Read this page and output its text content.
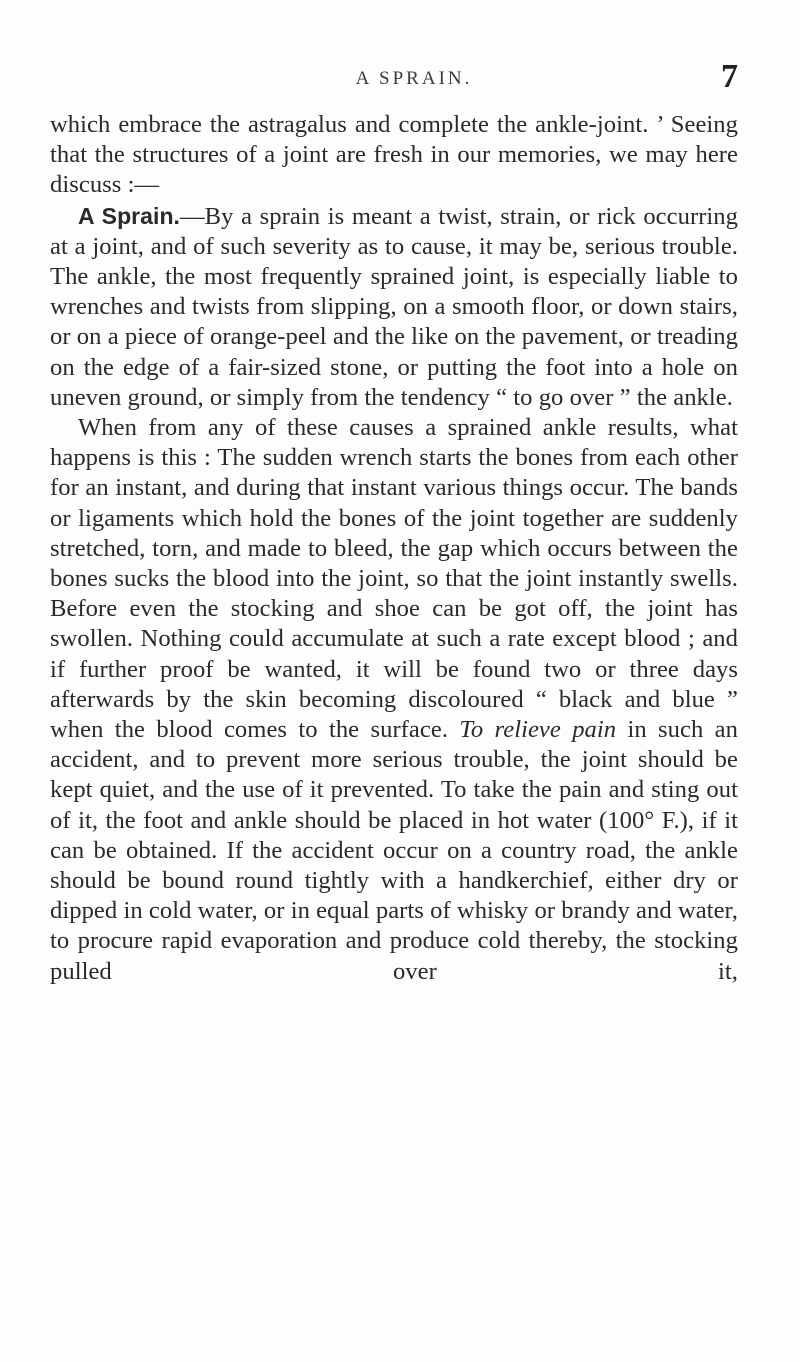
A SPRAIN.	7

which embrace the astragalus and complete the ankle-joint. ’ Seeing that the structures of a joint are fresh in our memories, we may here discuss :—

A Sprain.—By a sprain is meant a twist, strain, or rick occurring at a joint, and of such severity as to cause, it may be, serious trouble. The ankle, the most frequently sprained joint, is especially liable to wrenches and twists from slipping, on a smooth floor, or down stairs, or on a piece of orange-peel and the like on the pavement, or treading on the edge of a fair-sized stone, or putting the foot into a hole on uneven ground, or simply from the tendency “ to go over ” the ankle.

When from any of these causes a sprained ankle results, what happens is this : The sudden wrench starts the bones from each other for an instant, and during that instant various things occur. The bands or ligaments which hold the bones of the joint together are suddenly stretched, torn, and made to bleed, the gap which occurs between the bones sucks the blood into the joint, so that the joint instantly swells. Before even the stocking and shoe can be got off, the joint has swollen. Nothing could accumulate at such a rate except blood ; and if further proof be wanted, it will be found two or three days afterwards by the skin becoming discoloured “ black and blue ” when the blood comes to the surface. To relieve pain in such an accident, and to prevent more serious trouble, the joint should be kept quiet, and the use of it prevented. To take the pain and sting out of it, the foot and ankle should be placed in hot water (100° F.), if it can be obtained. If the accident occur on a country road, the ankle should be bound round tightly with a handkerchief, either dry or dipped in cold water, or in equal parts of whisky or brandy and water, to procure rapid evaporation and produce cold thereby, the stocking pulled over it,
